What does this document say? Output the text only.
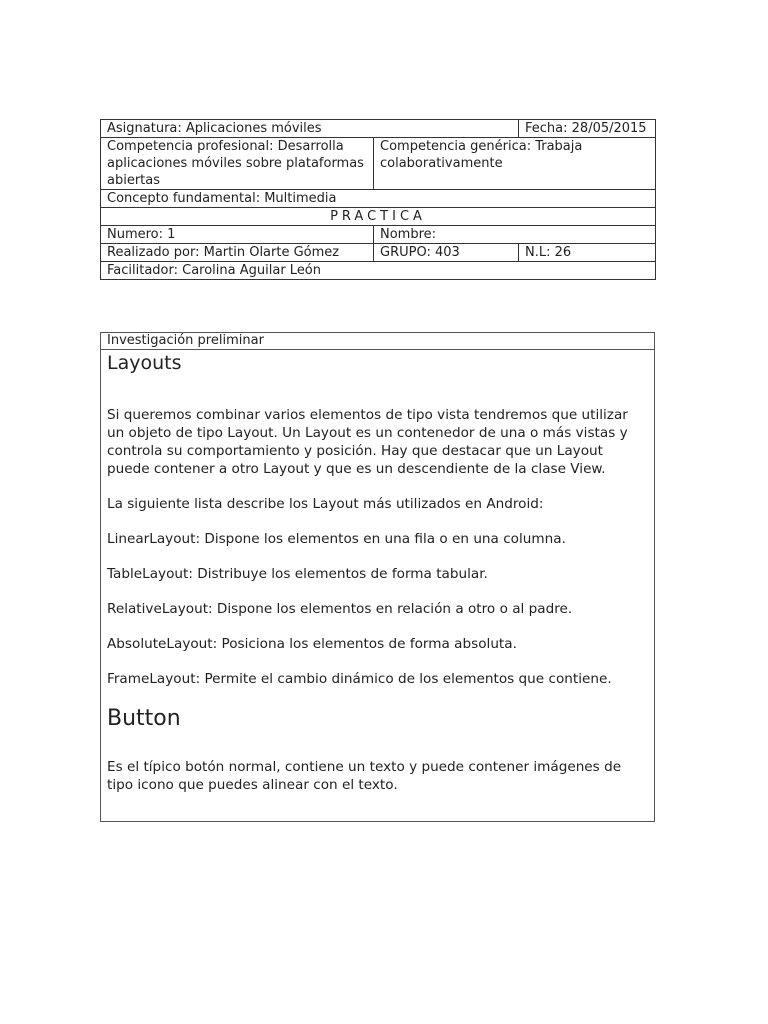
Asignatura: Aplicaciones móviles		Fecha: 28/05/2015
Competencia profesional: Desarrolla aplicaciones móviles sobre plataformas abiertas	Competencia genérica: Trabaja colaborativamente	
Concepto fundamental: Multimedia		
PRACTICA		
Numero: 1	Nombre:	
Realizado por: Martin Olarte Gómez	GRUPO: 403	N.L: 26
Facilitador: Carolina Aguilar León		
Investigación preliminar
Layouts

Si queremos combinar varios elementos de tipo vista tendremos que utilizar un objeto de tipo Layout. Un Layout es un contenedor de una o más vistas y controla su comportamiento y posición. Hay que destacar que un Layout puede contener a otro Layout y que es un descendiente de la clase View.

La siguiente lista describe los Layout más utilizados en Android:

LinearLayout: Dispone los elementos en una fila o en una columna.

TableLayout: Distribuye los elementos de forma tabular.

RelativeLayout: Dispone los elementos en relación a otro o al padre.

AbsoluteLayout: Posiciona los elementos de forma absoluta.

FrameLayout: Permite el cambio dinámico de los elementos que contiene.

Button

Es el típico botón normal, contiene un texto y puede contener imágenes de tipo icono que puedes alinear con el texto.
